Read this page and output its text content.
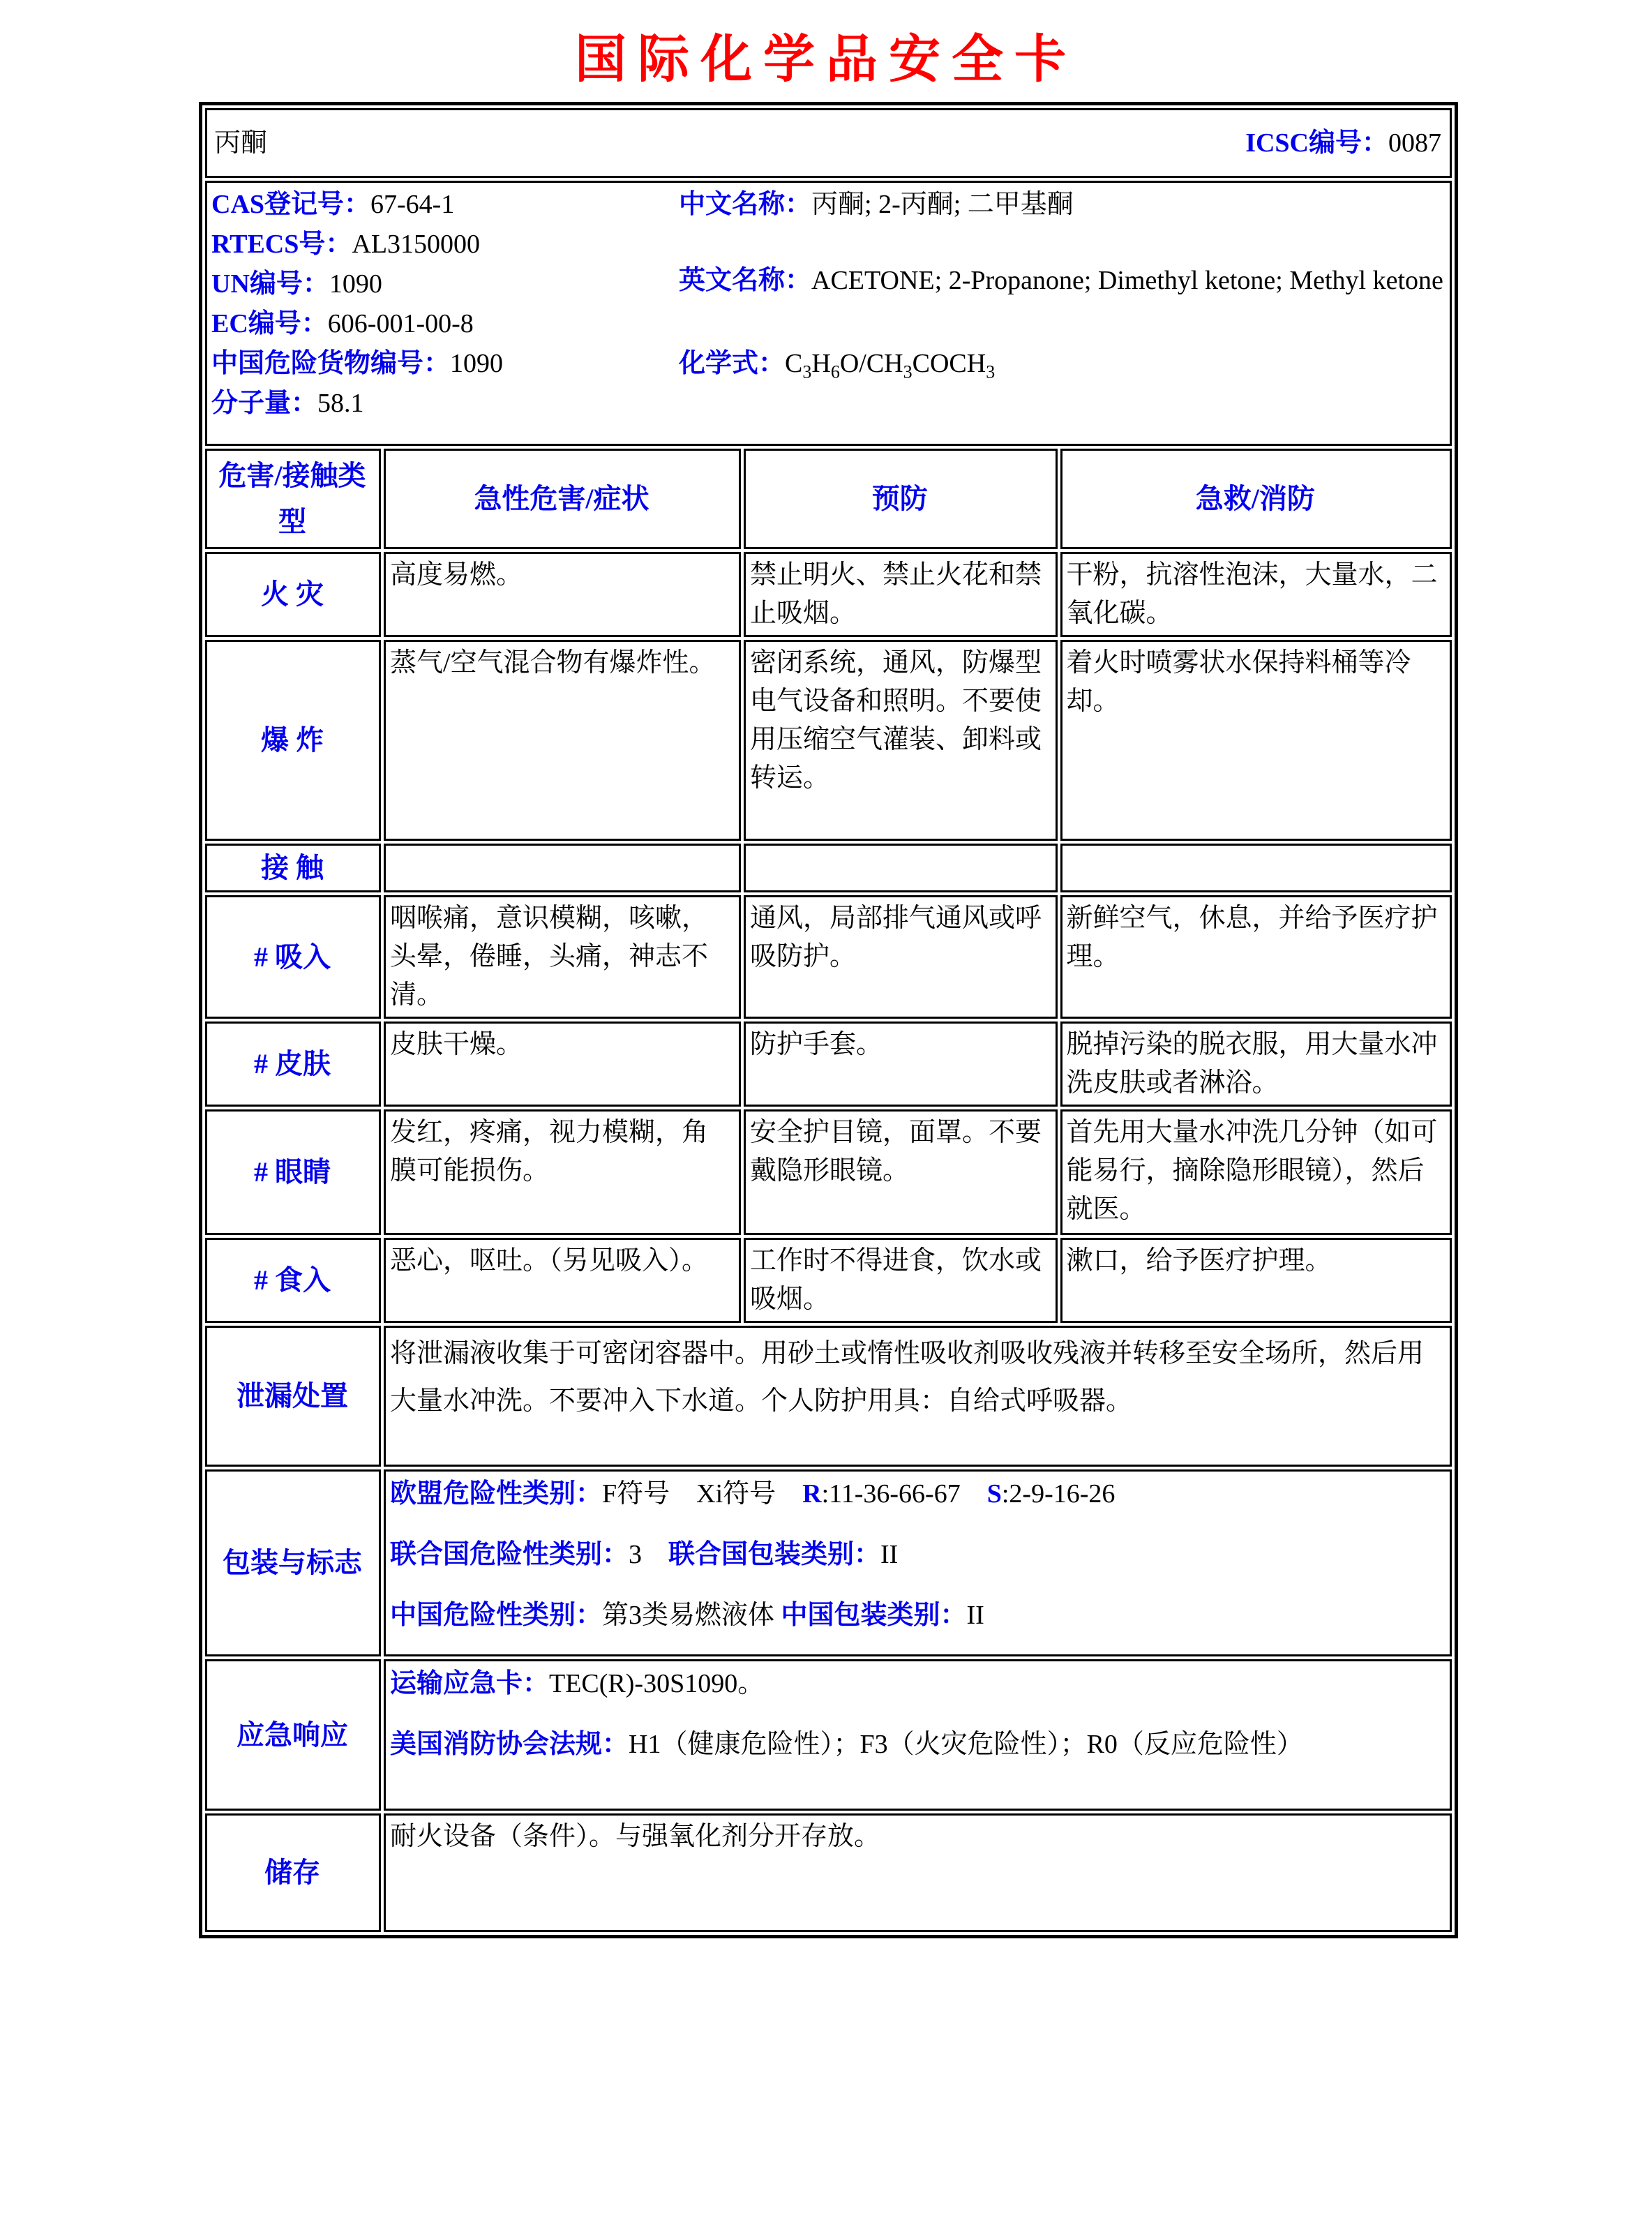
国际化学品安全卡
丙酮 ICSC编号：0087			

CAS登记号：67-64-1
RTECS号：AL3150000
UN编号：1090
EC编号：606-001-00-8
中国危险货物编号：1090
分子量：58.1
中文名称：丙酮; 2-丙酮; 二甲基酮
英文名称：ACETONE; 2-Propanone; Dimethyl ketone; Methyl ketone
化学式：$C_3H_6O/CH_3COCH_3$

危害/接触类型	急性危害/症状	预防	急救/消防
火 灾	高度易燃。	禁止明火、禁止火花和禁止吸烟。	干粉，抗溶性泡沫，大量水，二氧化碳。
爆 炸	蒸气/空气混合物有爆炸性。	密闭系统，通风，防爆型电气设备和照明。不要使用压缩空气灌装、卸料或转运。	着火时喷雾状水保持料桶等冷却。
接 触			
# 吸入	咽喉痛，意识模糊，咳嗽，头晕，倦睡，头痛，神志不清。	通风，局部排气通风或呼吸防护。	新鲜空气，休息，并给予医疗护理。
# 皮肤	皮肤干燥。	防护手套。	脱掉污染的脱衣服，用大量水冲洗皮肤或者淋浴。
# 眼睛	发红，疼痛，视力模糊，角膜可能损伤。	安全护目镜，面罩。不要戴隐形眼镜。	首先用大量水冲洗几分钟（如可能易行，摘除隐形眼镜），然后就医。
# 食入	恶心，呕吐。（另见吸入）。	工作时不得进食，饮水或吸烟。	漱口，给予医疗护理。
泄漏处置	将泄漏液收集于可密闭容器中。用砂土或惰性吸收剂吸收残液并转移至安全场所，然后用大量水冲洗。不要冲入下水道。个人防护用具：自给式呼吸器。		
包装与标志	欧盟危险性类别：F符号　Xi符号　R:11-36-66-67　S:2-9-16-26
联合国危险性类别：3　联合国包装类别：II
中国危险性类别：第3类易燃液体 中国包装类别：II		

应急响应	运输应急卡：TEC(R)-30S1090。
美国消防协会法规：H1（健康危险性）；F3（火灾危险性）；R0（反应危险性）		

储存	耐火设备（条件）。与强氧化剂分开存放。		
